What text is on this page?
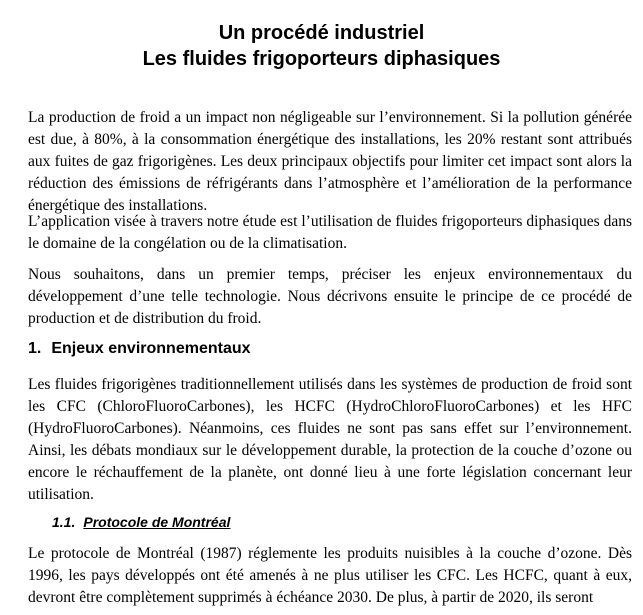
Un procédé industriel
Les fluides frigoporteurs diphasiques

La production de froid a un impact non négligeable sur l’environnement. Si la pollution générée est due, à 80%, à la consommation énergétique des installations, les 20% restant sont attribués aux fuites de gaz frigorigènes. Les deux principaux objectifs pour limiter cet impact sont alors la réduction des émissions de réfrigérants dans l’atmosphère et l’amélioration de la performance énergétique des installations.

L’application visée à travers notre étude est l’utilisation de fluides frigoporteurs diphasiques dans le domaine de la congélation ou de la climatisation.

Nous souhaitons, dans un premier temps, préciser les enjeux environnementaux du développement d’une telle technologie. Nous décrivons ensuite le principe de ce procédé de production et de distribution du froid.

1. Enjeux environnementaux

Les fluides frigorigènes traditionnellement utilisés dans les systèmes de production de froid sont les CFC (ChloroFluoroCarbones), les HCFC (HydroChloroFluoroCarbones) et les HFC (HydroFluoroCarbones). Néanmoins, ces fluides ne sont pas sans effet sur l’environnement. Ainsi, les débats mondiaux sur le développement durable, la protection de la couche d’ozone ou encore le réchauffement de la planète, ont donné lieu à une forte législation concernant leur utilisation.

1.1. Protocole de Montréal

Le protocole de Montréal (1987) réglemente les produits nuisibles à la couche d’ozone. Dès 1996, les pays développés ont été amenés à ne plus utiliser les CFC. Les HCFC, quant à eux, devront être complètement supprimés à échéance 2030. De plus, à partir de 2020, ils seront
